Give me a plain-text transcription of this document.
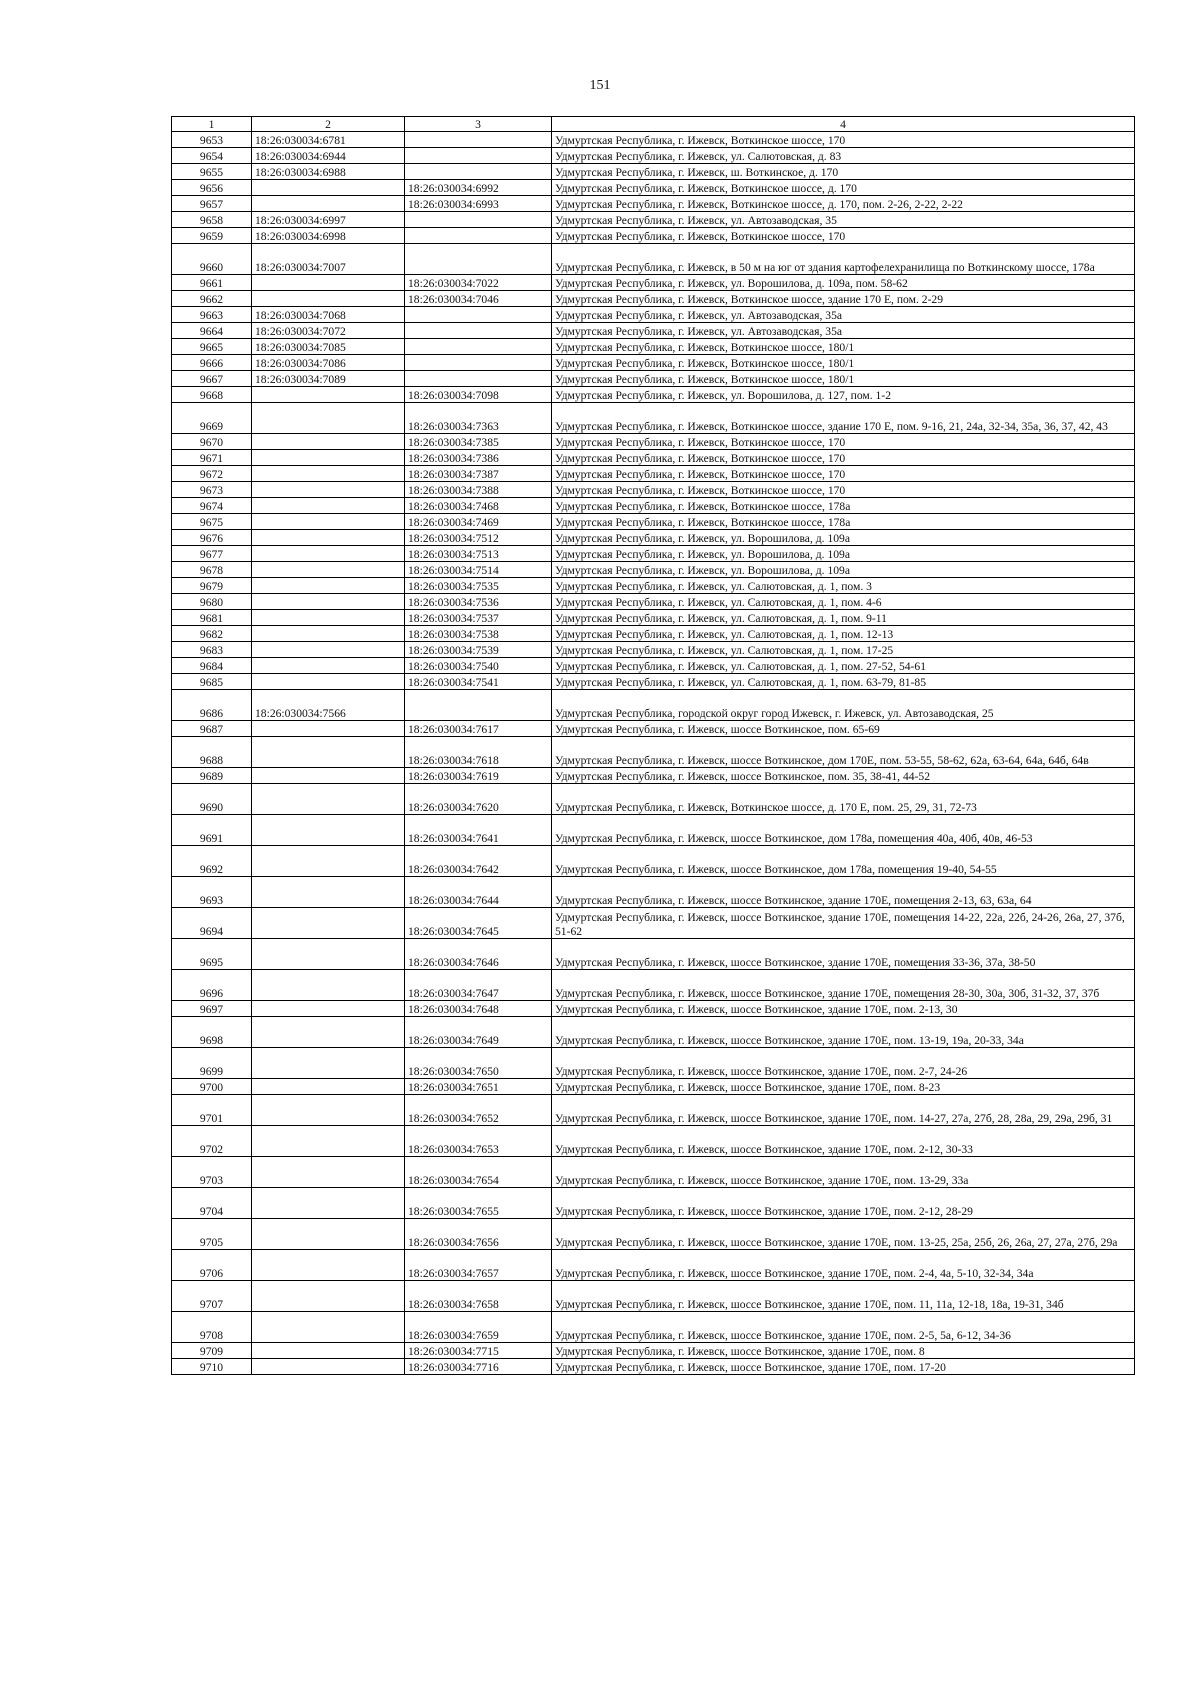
151
1	2	3	4
9653	18:26:030034:6781		Удмуртская Республика, г. Ижевск, Воткинское шоссе, 170
9654	18:26:030034:6944		Удмуртская Республика, г. Ижевск, ул. Салютовская, д. 83
9655	18:26:030034:6988		Удмуртская Республика, г. Ижевск, ш. Воткинское, д. 170
9656		18:26:030034:6992	Удмуртская Республика, г. Ижевск, Воткинское шоссе, д. 170
9657		18:26:030034:6993	Удмуртская Республика, г. Ижевск, Воткинское шоссе, д. 170, пом. 2-26, 2-22, 2-22
9658	18:26:030034:6997		Удмуртская Республика, г. Ижевск, ул. Автозаводская, 35
9659	18:26:030034:6998		Удмуртская Республика, г. Ижевск, Воткинское шоссе, 170
9660	18:26:030034:7007		Удмуртская Республика, г. Ижевск, в 50 м на юг от здания картофелехранилища по Воткинскому шоссе, 178а
9661		18:26:030034:7022	Удмуртская Республика, г. Ижевск, ул. Ворошилова, д. 109а, пом. 58-62
9662		18:26:030034:7046	Удмуртская Республика, г. Ижевск, Воткинское шоссе, здание 170 Е, пом. 2-29
9663	18:26:030034:7068		Удмуртская Республика, г. Ижевск, ул. Автозаводская, 35а
9664	18:26:030034:7072		Удмуртская Республика, г. Ижевск, ул. Автозаводская, 35а
9665	18:26:030034:7085		Удмуртская Республика, г. Ижевск, Воткинское шоссе, 180/1
9666	18:26:030034:7086		Удмуртская Республика, г. Ижевск, Воткинское шоссе, 180/1
9667	18:26:030034:7089		Удмуртская Республика, г. Ижевск, Воткинское шоссе, 180/1
9668		18:26:030034:7098	Удмуртская Республика, г. Ижевск, ул. Ворошилова, д. 127, пом. 1-2
9669		18:26:030034:7363	Удмуртская Республика, г. Ижевск, Воткинское шоссе, здание 170 Е, пом. 9-16, 21, 24а, 32-34, 35а, 36, 37, 42, 43
9670		18:26:030034:7385	Удмуртская Республика, г. Ижевск, Воткинское шоссе, 170
9671		18:26:030034:7386	Удмуртская Республика, г. Ижевск, Воткинское шоссе, 170
9672		18:26:030034:7387	Удмуртская Республика, г. Ижевск, Воткинское шоссе, 170
9673		18:26:030034:7388	Удмуртская Республика, г. Ижевск, Воткинское шоссе, 170
9674		18:26:030034:7468	Удмуртская Республика, г. Ижевск, Воткинское шоссе, 178а
9675		18:26:030034:7469	Удмуртская Республика, г. Ижевск, Воткинское шоссе, 178а
9676		18:26:030034:7512	Удмуртская Республика, г. Ижевск, ул. Ворошилова, д. 109а
9677		18:26:030034:7513	Удмуртская Республика, г. Ижевск, ул. Ворошилова, д. 109а
9678		18:26:030034:7514	Удмуртская Республика, г. Ижевск, ул. Ворошилова, д. 109а
9679		18:26:030034:7535	Удмуртская Республика, г. Ижевск, ул. Салютовская, д. 1, пом. 3
9680		18:26:030034:7536	Удмуртская Республика, г. Ижевск, ул. Салютовская, д. 1, пом. 4-6
9681		18:26:030034:7537	Удмуртская Республика, г. Ижевск, ул. Салютовская, д. 1, пом. 9-11
9682		18:26:030034:7538	Удмуртская Республика, г. Ижевск, ул. Салютовская, д. 1, пом. 12-13
9683		18:26:030034:7539	Удмуртская Республика, г. Ижевск, ул. Салютовская, д. 1, пом. 17-25
9684		18:26:030034:7540	Удмуртская Республика, г. Ижевск, ул. Салютовская, д. 1, пом. 27-52, 54-61
9685		18:26:030034:7541	Удмуртская Республика, г. Ижевск, ул. Салютовская, д. 1, пом. 63-79, 81-85
9686	18:26:030034:7566		Удмуртская Республика, городской округ город Ижевск, г. Ижевск, ул. Автозаводская, 25
9687		18:26:030034:7617	Удмуртская Республика, г. Ижевск, шоссе Воткинское, пом. 65-69
9688		18:26:030034:7618	Удмуртская Республика, г. Ижевск, шоссе Воткинское, дом 170Е, пом. 53-55, 58-62, 62а, 63-64, 64а, 64б, 64в
9689		18:26:030034:7619	Удмуртская Республика, г. Ижевск, шоссе Воткинское, пом. 35, 38-41, 44-52
9690		18:26:030034:7620	Удмуртская Республика, г. Ижевск, Воткинское шоссе, д. 170 Е, пом. 25, 29, 31, 72-73
9691		18:26:030034:7641	Удмуртская Республика, г. Ижевск, шоссе Воткинское, дом 178а, помещения 40а, 40б, 40в, 46-53
9692		18:26:030034:7642	Удмуртская Республика, г. Ижевск, шоссе Воткинское, дом 178а, помещения 19-40, 54-55
9693		18:26:030034:7644	Удмуртская Республика, г. Ижевск, шоссе Воткинское, здание 170Е, помещения 2-13, 63, 63а, 64
9694		18:26:030034:7645	Удмуртская Республика, г. Ижевск, шоссе Воткинское, здание 170Е, помещения 14-22, 22а, 22б, 24-26, 26а, 27, 37б, 51-62
9695		18:26:030034:7646	Удмуртская Республика, г. Ижевск, шоссе Воткинское, здание 170Е, помещения 33-36, 37а, 38-50
9696		18:26:030034:7647	Удмуртская Республика, г. Ижевск, шоссе Воткинское, здание 170Е, помещения 28-30, 30а, 30б, 31-32, 37, 37б
9697		18:26:030034:7648	Удмуртская Республика, г. Ижевск, шоссе Воткинское, здание 170Е, пом. 2-13, 30
9698		18:26:030034:7649	Удмуртская Республика, г. Ижевск, шоссе Воткинское, здание 170Е, пом. 13-19, 19а, 20-33, 34а
9699		18:26:030034:7650	Удмуртская Республика, г. Ижевск, шоссе Воткинское, здание 170Е, пом. 2-7, 24-26
9700		18:26:030034:7651	Удмуртская Республика, г. Ижевск, шоссе Воткинское, здание 170Е, пом. 8-23
9701		18:26:030034:7652	Удмуртская Республика, г. Ижевск, шоссе Воткинское, здание 170Е, пом. 14-27, 27а, 27б, 28, 28а, 29, 29а, 29б, 31
9702		18:26:030034:7653	Удмуртская Республика, г. Ижевск, шоссе Воткинское, здание 170Е, пом. 2-12, 30-33
9703		18:26:030034:7654	Удмуртская Республика, г. Ижевск, шоссе Воткинское, здание 170Е, пом. 13-29, 33а
9704		18:26:030034:7655	Удмуртская Республика, г. Ижевск, шоссе Воткинское, здание 170Е, пом. 2-12, 28-29
9705		18:26:030034:7656	Удмуртская Республика, г. Ижевск, шоссе Воткинское, здание 170Е, пом. 13-25, 25а, 25б, 26, 26а, 27, 27а, 27б, 29а
9706		18:26:030034:7657	Удмуртская Республика, г. Ижевск, шоссе Воткинское, здание 170Е, пом. 2-4, 4а, 5-10, 32-34, 34а
9707		18:26:030034:7658	Удмуртская Республика, г. Ижевск, шоссе Воткинское, здание 170Е, пом. 11, 11а, 12-18, 18а, 19-31, 34б
9708		18:26:030034:7659	Удмуртская Республика, г. Ижевск, шоссе Воткинское, здание 170Е, пом. 2-5, 5а, 6-12, 34-36
9709		18:26:030034:7715	Удмуртская Республика, г. Ижевск, шоссе Воткинское, здание 170Е, пом. 8
9710		18:26:030034:7716	Удмуртская Республика, г. Ижевск, шоссе Воткинское, здание 170Е, пом. 17-20
